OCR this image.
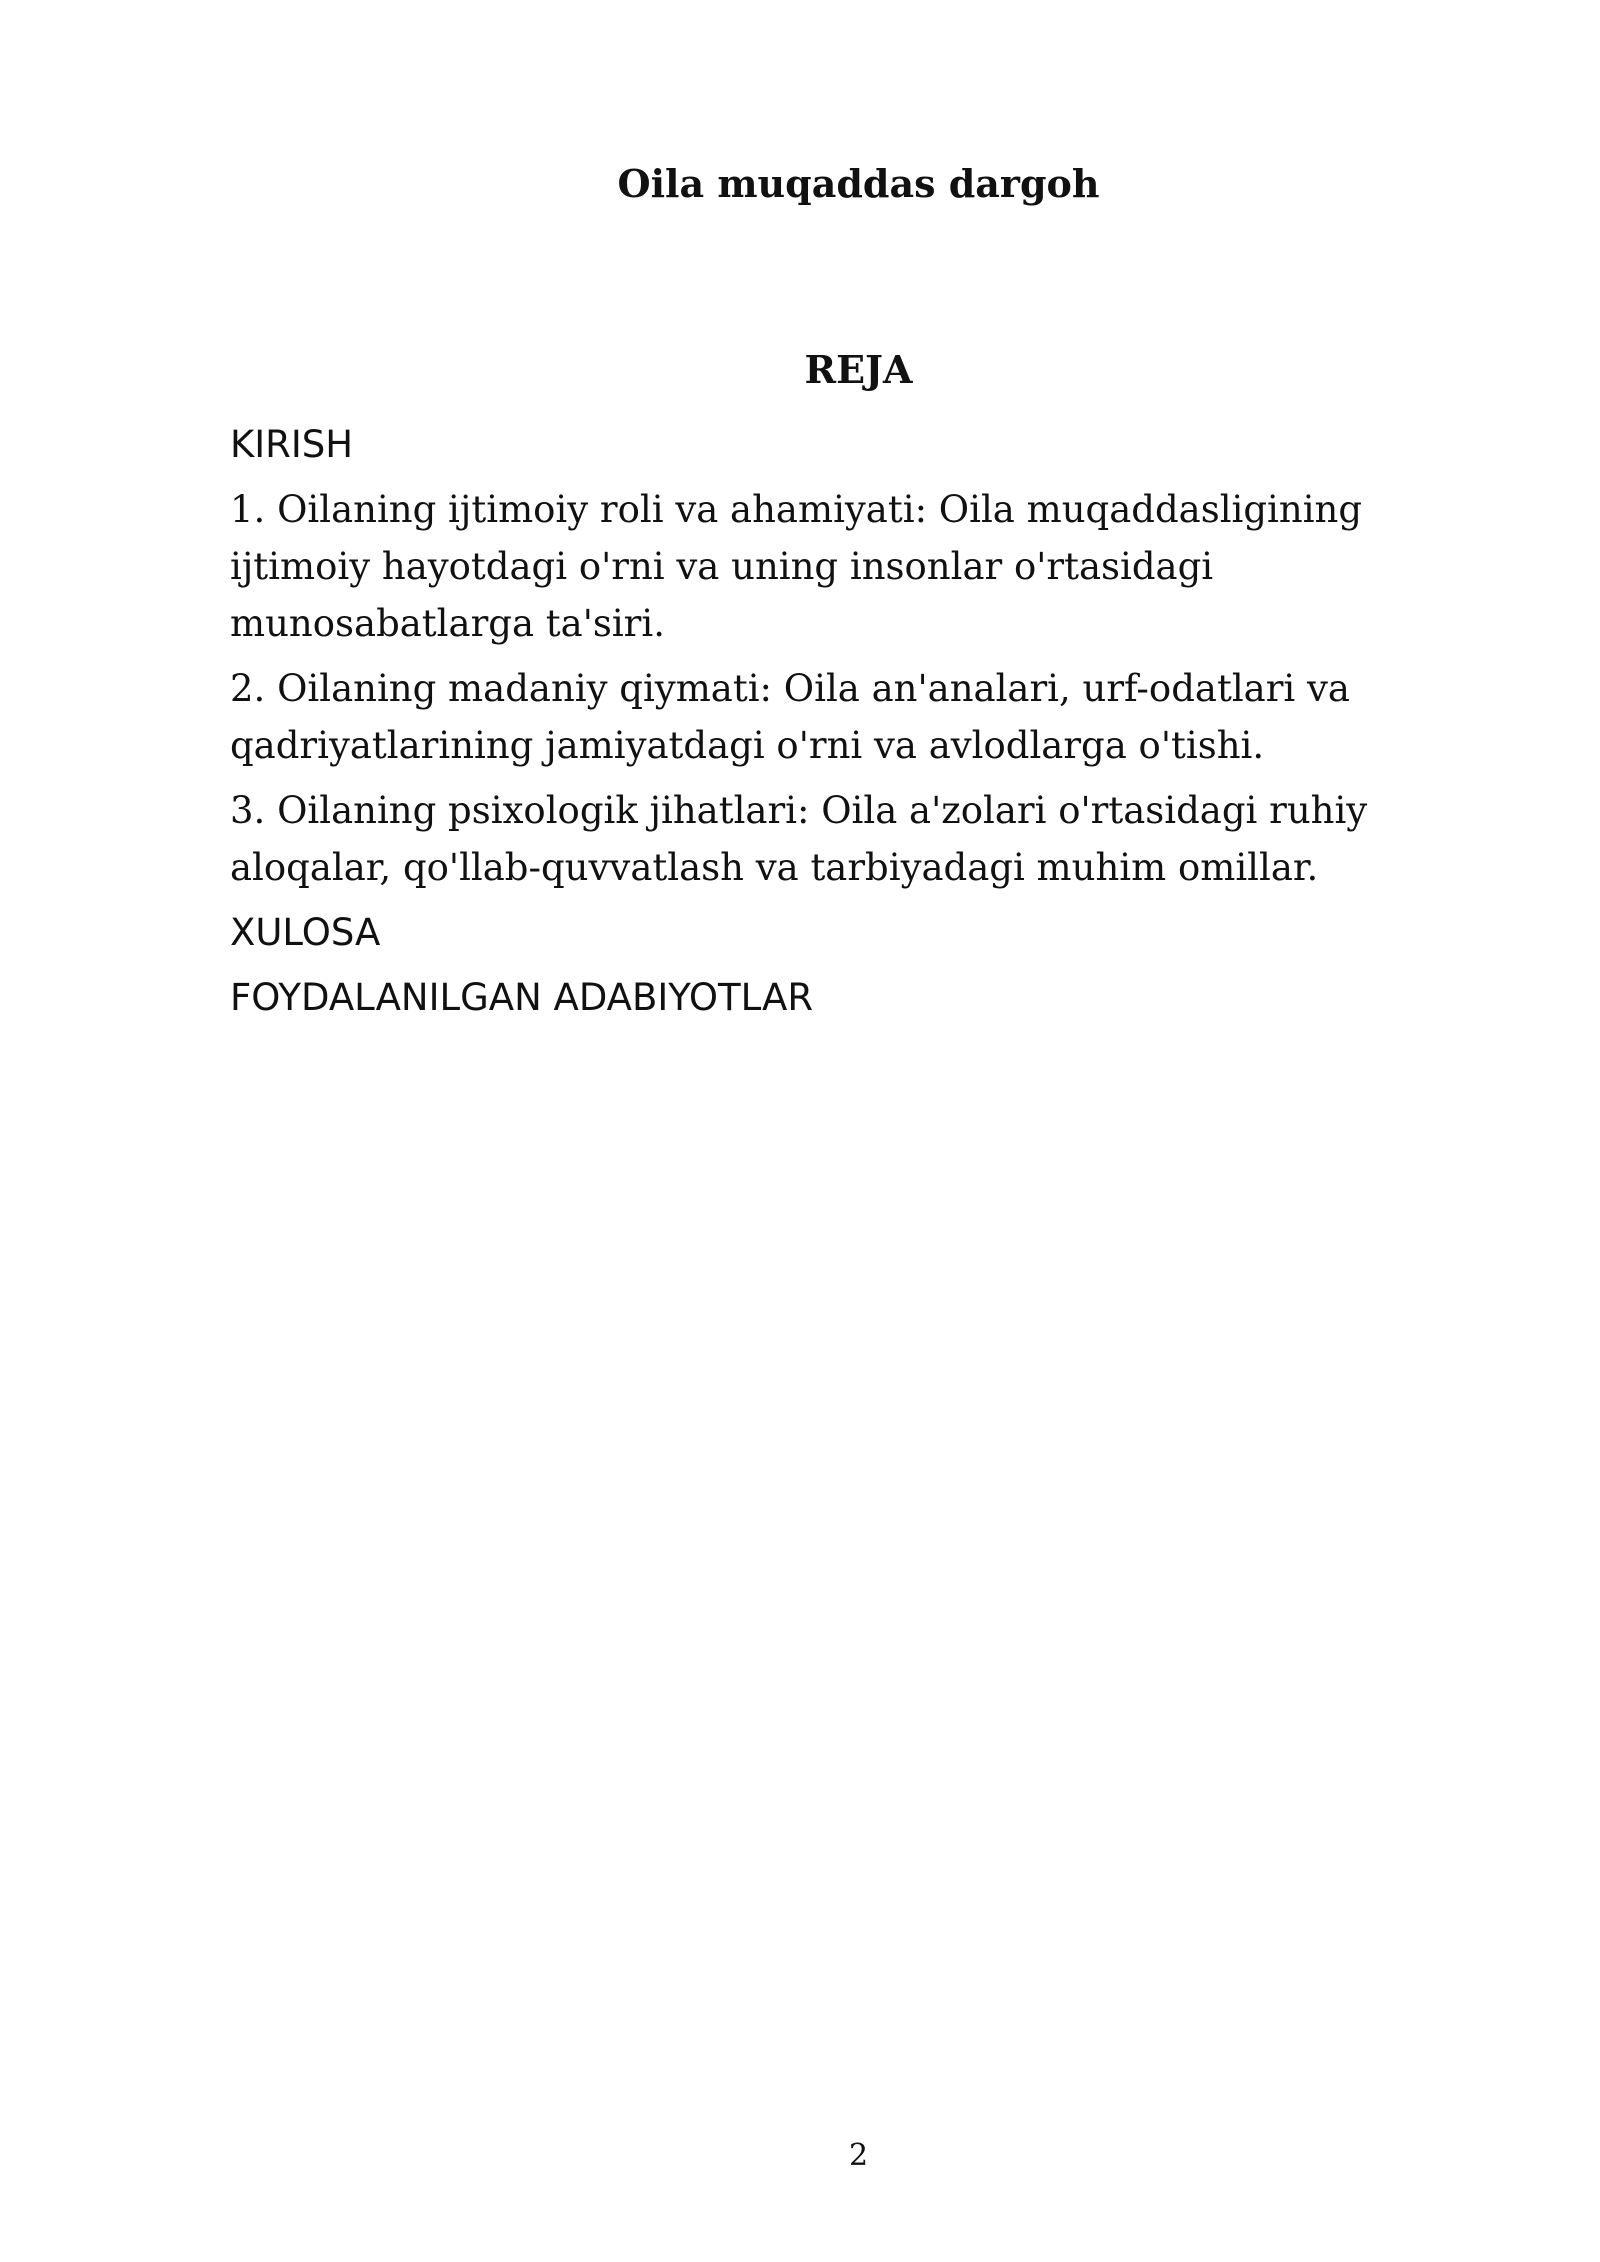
Oila muqaddas dargoh
REJA

KIRISH

1. Oilaning ijtimoiy roli va ahamiyati: Oila muqaddasligining ijtimoiy hayotdagi o'rni va uning insonlar o'rtasidagi munosabatlarga ta'siri.

2. Oilaning madaniy qiymati: Oila an'analari, urf-odatlari va qadriyatlarining jamiyatdagi o'rni va avlodlarga o'tishi.

3. Oilaning psixologik jihatlari: Oila a'zolari o'rtasidagi ruhiy aloqalar, qo'llab-quvvatlash va tarbiyadagi muhim omillar.

XULOSA

FOYDALANILGAN ADABIYOTLAR

2
